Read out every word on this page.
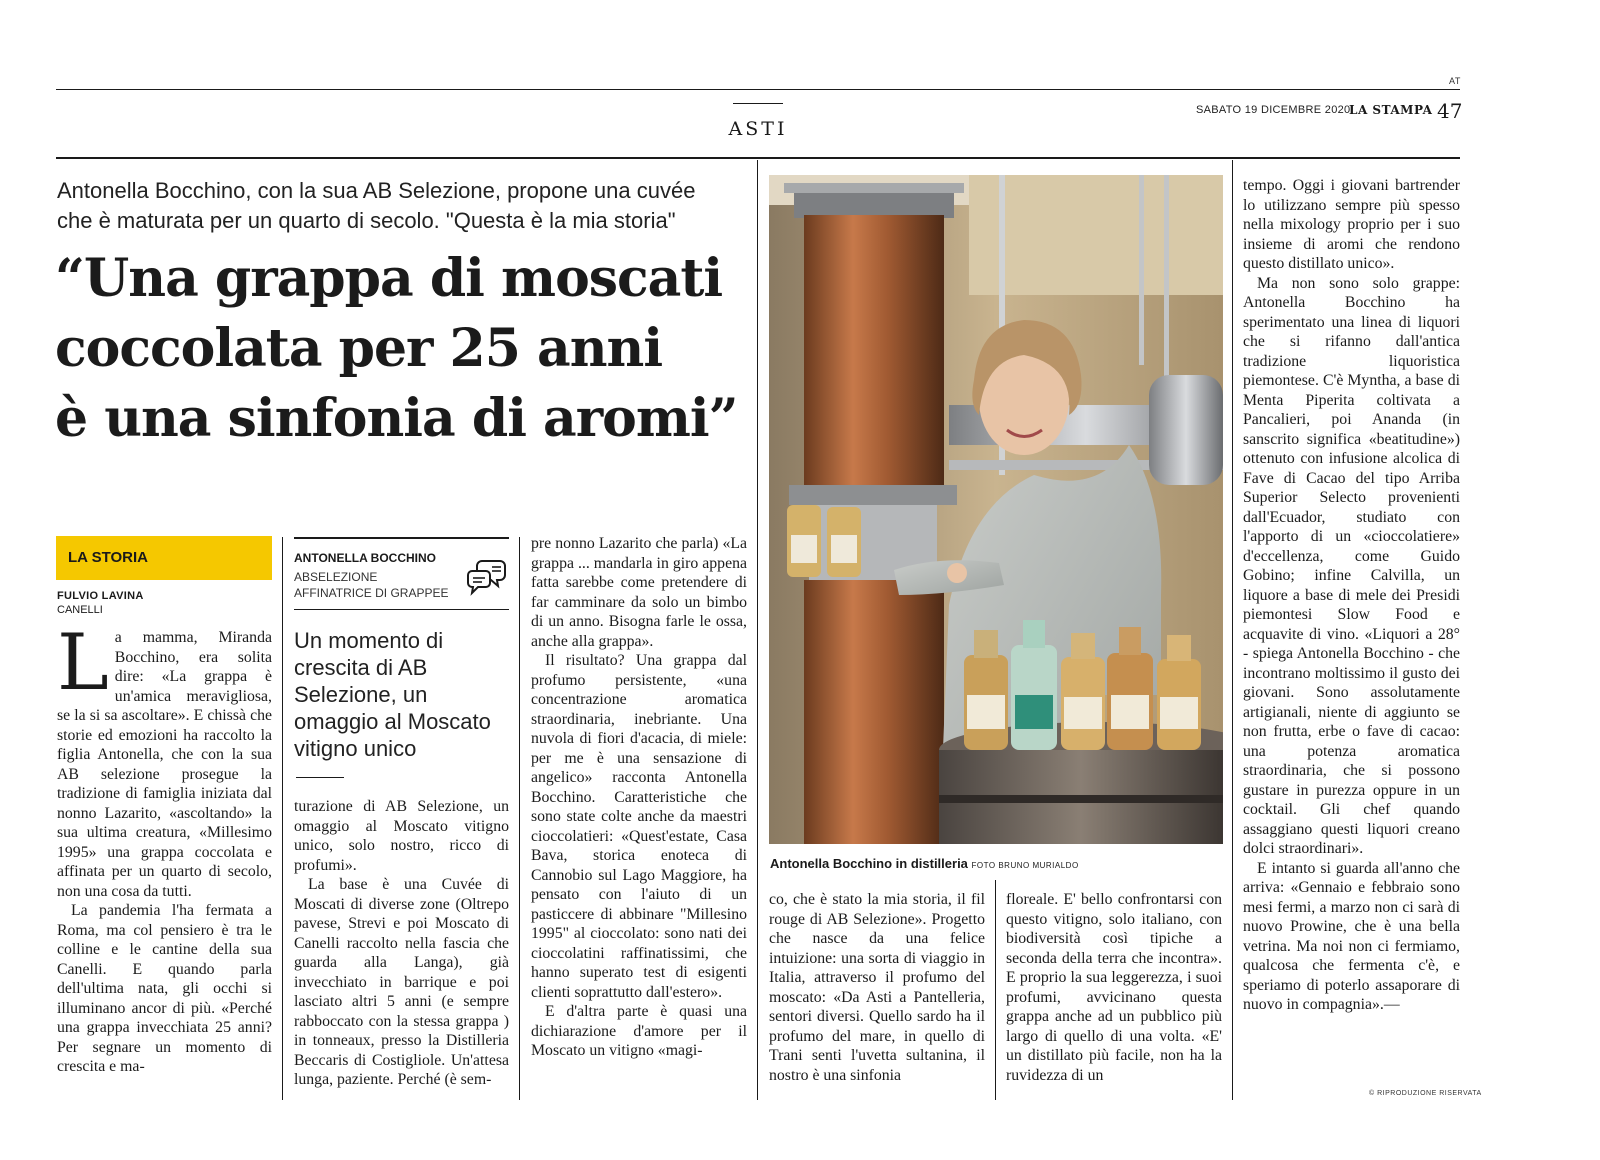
AT
ASTI
SABATO 19 DICEMBRE 2020
LA STAMPA 47
Antonella Bocchino, con la sua AB Selezione, propone una cuvée
che è maturata per un quarto di secolo. "Questa è la mia storia"
“Una grappa di moscati
coccolata per 25 anni
è una sinfonia di aromi”
LA STORIA
FULVIO LAVINA
CANELLI

La mamma, Miranda Bocchino, era solita dire: «La grappa è un'amica meravigliosa, se la si sa ascoltare». E chissà che storie ed emozioni ha raccolto la figlia Antonella, che con la sua AB selezione prosegue la tradizione di famiglia iniziata dal nonno Lazarito, «ascoltando» la sua ultima creatura, «Millesimo 1995» una grappa coccolata e affinata per un quarto di secolo, non una cosa da tutti.

La pandemia l'ha fermata a Roma, ma col pensiero è tra le colline e le cantine della sua Canelli. E quando parla dell'ultima nata, gli occhi si illuminano ancor di più. «Perché una grappa invecchiata 25 anni? Per segnare un momento di crescita e ma-

ANTONELLA BOCCHINO
ABSELEZIONE
AFFINATRICE DI GRAPPEE
Un momento di crescita di AB Selezione, un omaggio al Moscato vitigno unico

turazione di AB Selezione, un omaggio al Moscato vitigno unico, solo nostro, ricco di profumi».

La base è una Cuvée di Moscati di diverse zone (Oltrepo pavese, Strevi e poi Moscato di Canelli raccolto nella fascia che guarda alla Langa), già invecchiato in barrique e poi lasciato altri 5 anni (e sempre rabboccato con la stessa grappa ) in tonneaux, presso la Distilleria Beccaris di Costigliole. Un'attesa lunga, paziente. Perché (è sem-

pre nonno Lazarito che parla) «La grappa ... mandarla in giro appena fatta sarebbe come pretendere di far camminare da solo un bimbo di un anno. Bisogna farle le ossa, anche alla grappa».

Il risultato? Una grappa dal profumo persistente, «una concentrazione aromatica straordinaria, inebriante. Una nuvola di fiori d'acacia, di miele: per me è una sensazione di angelico» racconta Antonella Bocchino. Caratteristiche che sono state colte anche da maestri cioccolatieri: «Quest'estate, Casa Bava, storica enoteca di Cannobio sul Lago Maggiore, ha pensato con l'aiuto di un pasticcere di abbinare "Millesino 1995" al cioccolato: sono nati dei cioccolatini raffinatissimi, che hanno superato test di esigenti clienti soprattutto dall'estero».

E d'altra parte è quasi una dichiarazione d'amore per il Moscato un vitigno «magi-

Antonella Bocchino in distilleria FOTO BRUNO MURIALDO

co, che è stato la mia storia, il fil rouge di AB Selezione». Progetto che nasce da una felice intuizione: una sorta di viaggio in Italia, attraverso il profumo del moscato: «Da Asti a Pantelleria, sentori diversi. Quello sardo ha il profumo del mare, in quello di Trani senti l'uvetta sultanina, il nostro è una sinfonia

floreale. E' bello confrontarsi con questo vitigno, solo italiano, con biodiversità così tipiche a seconda della terra che incontra». E proprio la sua leggerezza, i suoi profumi, avvicinano questa grappa anche ad un pubblico più largo di quello di una volta. «E' un distillato più facile, non ha la ruvidezza di un

tempo. Oggi i giovani bartrender lo utilizzano sempre più spesso nella mixology proprio per i suo insieme di aromi che rendono questo distillato unico».

Ma non sono solo grappe: Antonella Bocchino ha sperimentato una linea di liquori che si rifanno dall'antica tradizione liquoristica piemontese. C'è Myntha, a base di Menta Piperita coltivata a Pancalieri, poi Ananda (in sanscrito significa «beatitudine») ottenuto con infusione alcolica di Fave di Cacao del tipo Arriba Superior Selecto provenienti dall'Ecuador, studiato con l'apporto di un «cioccolatiere» d'eccellenza, come Guido Gobino; infine Calvilla, un liquore a base di mele dei Presidi piemontesi Slow Food e acquavite di vino. «Liquori a 28° - spiega Antonella Bocchino - che incontrano moltissimo il gusto dei giovani. Sono assolutamente artigianali, niente di aggiunto se non frutta, erbe o fave di cacao: una potenza aromatica straordinaria, che si possono gustare in purezza oppure in un cocktail. Gli chef quando assaggiano questi liquori creano dolci straordinari».

E intanto si guarda all'anno che arriva: «Gennaio e febbraio sono mesi fermi, a marzo non ci sarà di nuovo Prowine, che è una bella vetrina. Ma noi non ci fermiamo, qualcosa che fermenta c'è, e speriamo di poterlo assaporare di nuovo in compagnia».—

© RIPRODUZIONE RISERVATA
